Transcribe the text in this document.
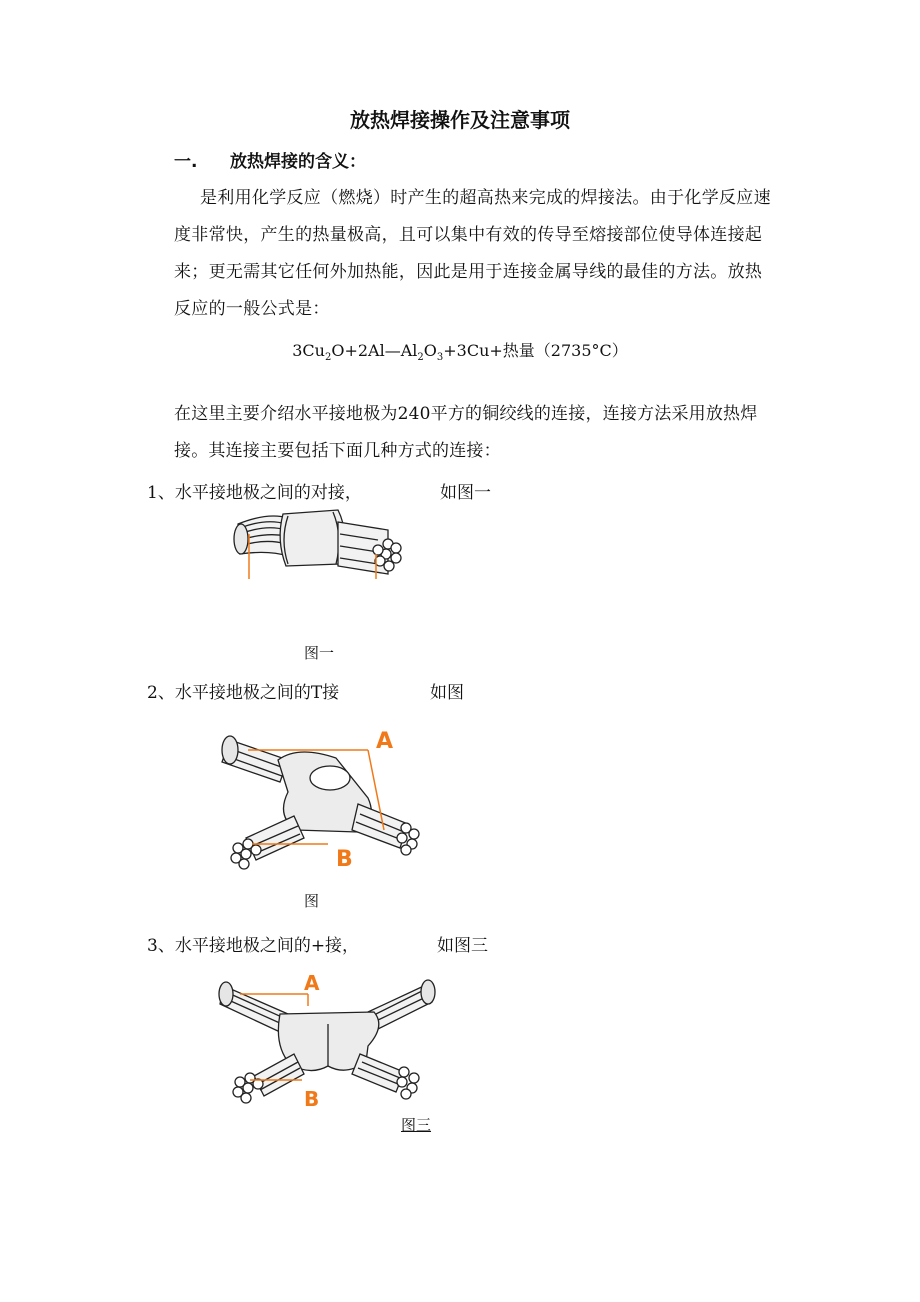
放热焊接操作及注意事项
一. 放热焊接的含义：
是利用化学反应（燃烧）时产生的超高热来完成的焊接法。由于化学反应速度非常快，产生的热量极高，且可以集中有效的传导至熔接部位使导体连接起来；更无需其它任何外加热能，因此是用于连接金属导线的最佳的方法。放热反应的一般公式是：
$3Cu_2O+2Al—Al_2O_3+3Cu+$热量（2735°C）
在这里主要介绍水平接地极为240平方的铜绞线的连接，连接方法采用放热焊接。其连接主要包括下面几种方式的连接：
1、水平接地极之间的对接，	如图一
图一
2、水平接地极之间的T接	如图
A
B
图
3、水平接地极之间的+接，	如图三
A
B
图三
